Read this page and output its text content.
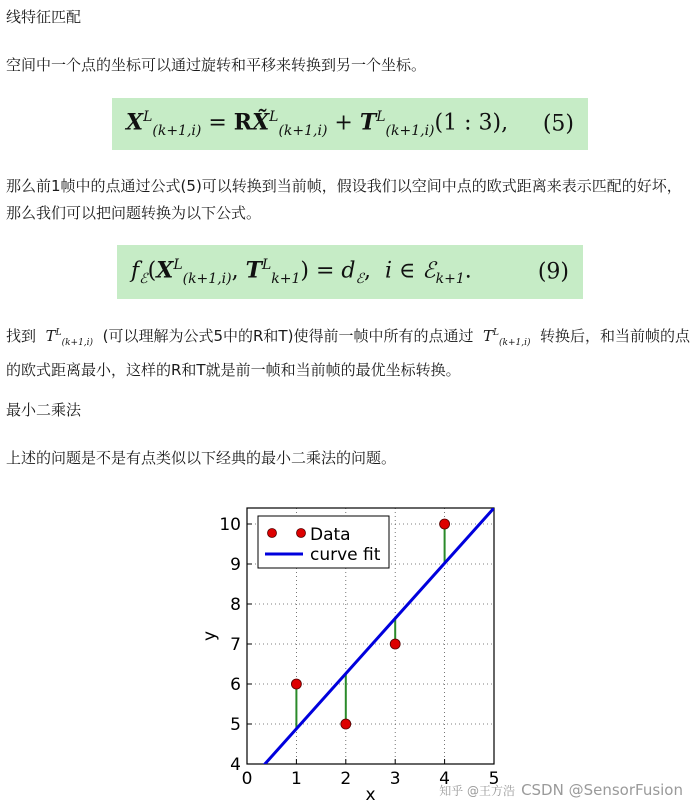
线特征匹配

空间中一个点的坐标可以通过旋转和平移来转换到另一个坐标。

$X^L_{(k+1,i)}$ = RX̃$^L_{(k+1,i)}$ + $T^L_{(k+1,i)}(1$ : 3), (5)

那么前1帧中的点通过公式(5)可以转换到当前帧，假设我们以空间中点的欧式距离来表示匹配的好坏，那么我们可以把问题转换为以下公式。

$f_ℰ(X^L_{(k+1,i)}$, $T^L_{k+1}) = d_ℰ$,  i ∈ ℰ$_{k+1}$.	(9)

找到  $T^L_{(k+1,i)}$ (可以理解为公式5中的R和T)使得前一帧中所有的点通过  $T^L_{(k+1,i)}$ 转换后，和当前帧的点的欧式距离最小，这样的R和T就是前一帧和当前帧的最优坐标转换。

最小二乘法

上述的问题是不是有点类似以下经典的最小二乘法的问题。

0 1 2 3 4 5
4
5
6
7
8
9
10
x
y
Data
curve fit
知乎 @王方浩 CSDN @SensorFusion
